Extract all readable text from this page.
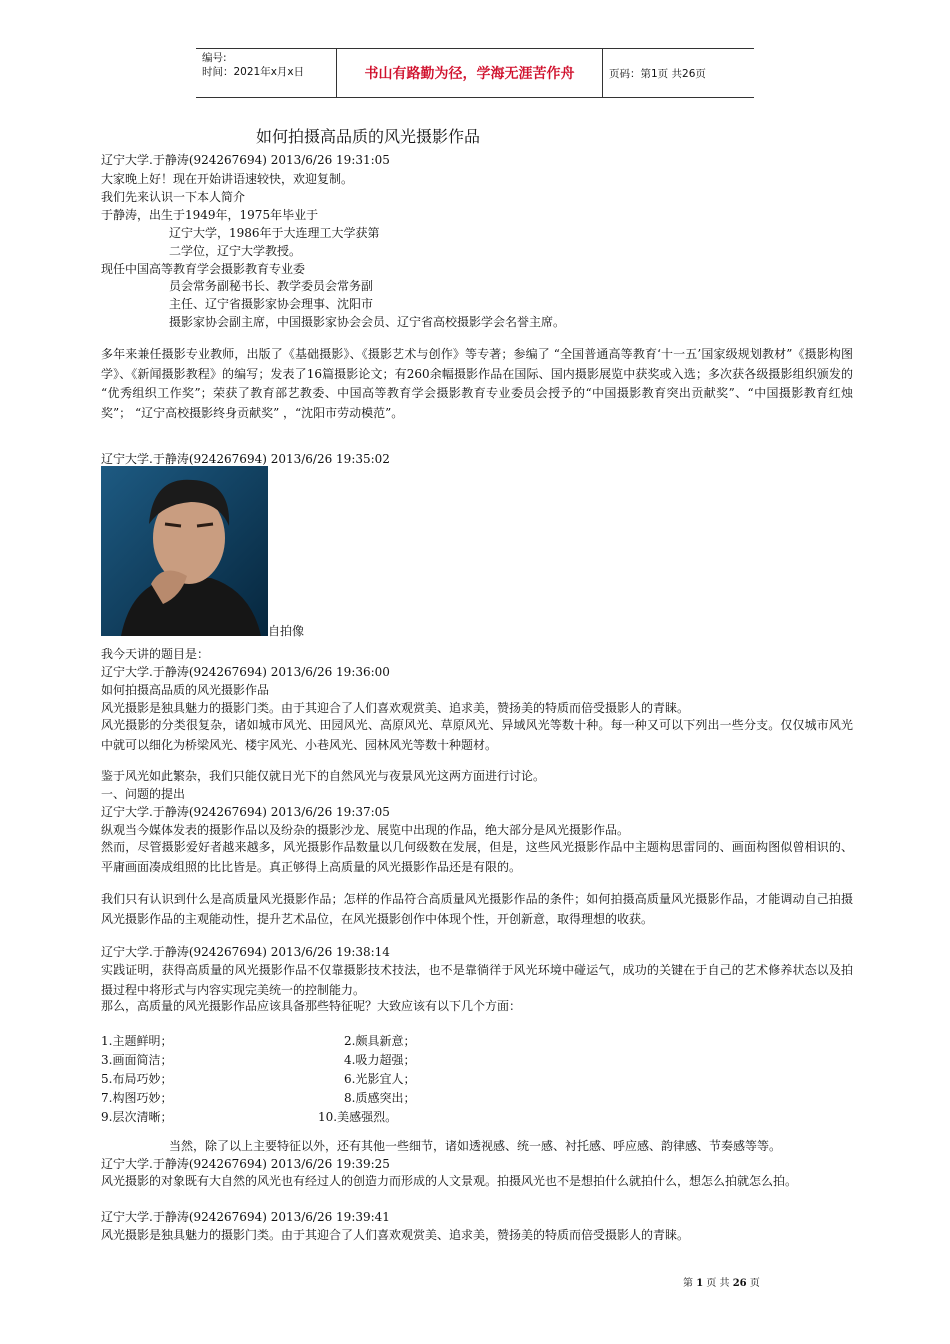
编号:
时间：2021年x月x日	书山有路勤为径，学海无涯苦作舟	页码：第1页 共26页
如何拍摄高品质的风光摄影作品
辽宁大学.于静涛(924267694) 2013/6/26 19:31:05
大家晚上好！现在开始讲语速较快，欢迎复制。
我们先来认识一下本人简介
于静涛，出生于1949年，1975年毕业于
辽宁大学，1986年于大连理工大学获第
二学位，辽宁大学教授。
现任中国高等教育学会摄影教育专业委
员会常务副秘书长、教学委员会常务副
主任、辽宁省摄影家协会理事、沈阳市
摄影家协会副主席，中国摄影家协会会员、辽宁省高校摄影学会名誉主席。
多年来兼任摄影专业教师，出版了《基础摄影》、《摄影艺术与创作》等专著；参编了 “全国普通高等教育‘十一五’国家级规划教材”《摄影构图学》、《新闻摄影教程》的编写；发表了16篇摄影论文；有260余幅摄影作品在国际、国内摄影展览中获奖或入选；多次获各级摄影组织颁发的 “优秀组织工作奖”；荣获了教育部艺教委、中国高等教育学会摄影教育专业委员会授予的“中国摄影教育突出贡献奖”、“中国摄影教育红烛奖”； “辽宁高校摄影终身贡献奖” ，“沈阳市劳动模范”。
辽宁大学.于静涛(924267694) 2013/6/26 19:35:02
自拍像
我今天讲的题目是：
辽宁大学.于静涛(924267694) 2013/6/26 19:36:00
如何拍摄高品质的风光摄影作品
风光摄影是独具魅力的摄影门类。由于其迎合了人们喜欢观赏美、追求美，赞扬美的特质而倍受摄影人的青睐。
风光摄影的分类很复杂，诸如城市风光、田园风光、高原风光、草原风光、异域风光等数十种。每一种又可以下列出一些分支。仅仅城市风光中就可以细化为桥梁风光、楼宇风光、小巷风光、园林风光等数十种题材。
鉴于风光如此繁杂，我们只能仅就日光下的自然风光与夜景风光这两方面进行讨论。
一、问题的提出
辽宁大学.于静涛(924267694) 2013/6/26 19:37:05
纵观当今媒体发表的摄影作品以及纷杂的摄影沙龙、展览中出现的作品，绝大部分是风光摄影作品。
然而，尽管摄影爱好者越来越多，风光摄影作品数量以几何级数在发展，但是，这些风光摄影作品中主题构思雷同的、画面构图似曾相识的、平庸画面凑成组照的比比皆是。真正够得上高质量的风光摄影作品还是有限的。
我们只有认识到什么是高质量风光摄影作品；怎样的作品符合高质量风光摄影作品的条件；如何拍摄高质量风光摄影作品，才能调动自己拍摄风光摄影作品的主观能动性，提升艺术品位，在风光摄影创作中体现个性，开创新意，取得理想的收获。
辽宁大学.于静涛(924267694) 2013/6/26 19:38:14
实践证明，获得高质量的风光摄影作品不仅靠摄影技术技法，也不是靠徜徉于风光环境中碰运气，成功的关键在于自己的艺术修养状态以及拍摄过程中将形式与内容实现完美统一的控制能力。
那么，高质量的风光摄影作品应该具备那些特征呢？大致应该有以下几个方面：
1.主题鲜明；
3.画面简洁；
5.布局巧妙；
7.构图巧妙；
9.层次清晰；
2.颇具新意；
4.吸力超强；
6.光影宜人；
8.质感突出；
10.美感强烈。
当然，除了以上主要特征以外，还有其他一些细节，诸如透视感、统一感、衬托感、呼应感、韵律感、节奏感等等。
辽宁大学.于静涛(924267694) 2013/6/26 19:39:25
风光摄影的对象既有大自然的风光也有经过人的创造力而形成的人文景观。拍摄风光也不是想拍什么就拍什么，想怎么拍就怎么拍。
辽宁大学.于静涛(924267694) 2013/6/26 19:39:41
风光摄影是独具魅力的摄影门类。由于其迎合了人们喜欢观赏美、追求美，赞扬美的特质而倍受摄影人的青睐。
第 1 页 共 26 页
